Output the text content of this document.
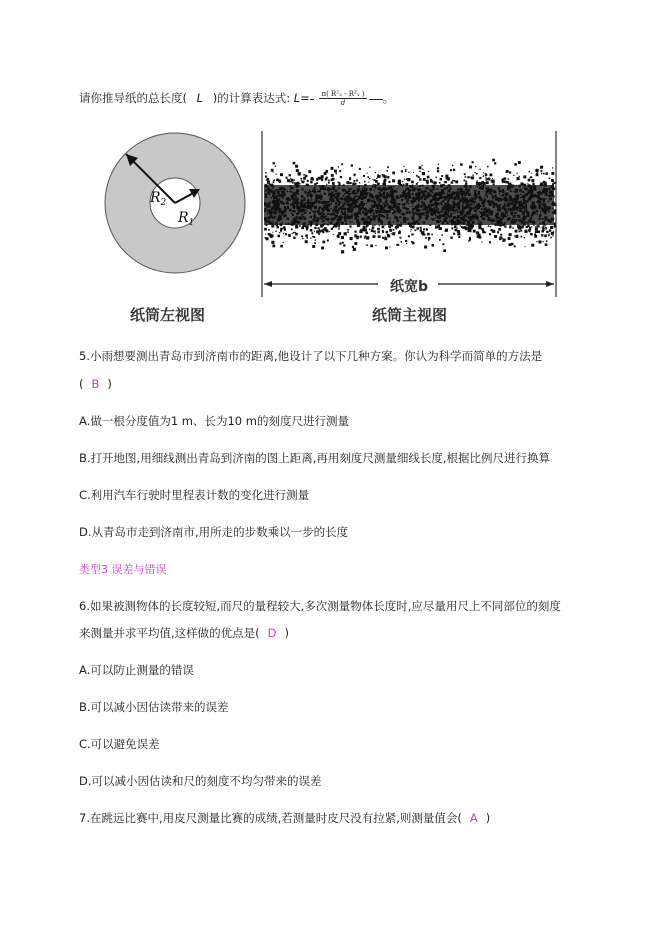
请你推导纸的总长度( L )的计算表达式: $L= \frac{\text{π( R²₂ - R²₁ )}}{d}$ 。
$R_2$
$R_1$
纸筒左视图
纸宽b
纸筒主视图
5.小雨想要测出青岛市到济南市的距离,他设计了以下几种方案。你认为科学而简单的方法是
( B )
A.做一根分度值为1 m、长为10 m的刻度尺进行测量
B.打开地图,用细线测出青岛到济南的图上距离,再用刻度尺测量细线长度,根据比例尺进行换算
C.利用汽车行驶时里程表计数的变化进行测量
D.从青岛市走到济南市,用所走的步数乘以一步的长度
类型3 误差与错误
6.如果被测物体的长度较短,而尺的量程较大,多次测量物体长度时,应尽量用尺上不同部位的刻度
来测量并求平均值,这样做的优点是( D )
A.可以防止测量的错误
B.可以减小因估读带来的误差
C.可以避免误差
D.可以减小因估读和尺的刻度不均匀带来的误差
7.在跳远比赛中,用皮尺测量比赛的成绩,若测量时皮尺没有拉紧,则测量值会( A )
